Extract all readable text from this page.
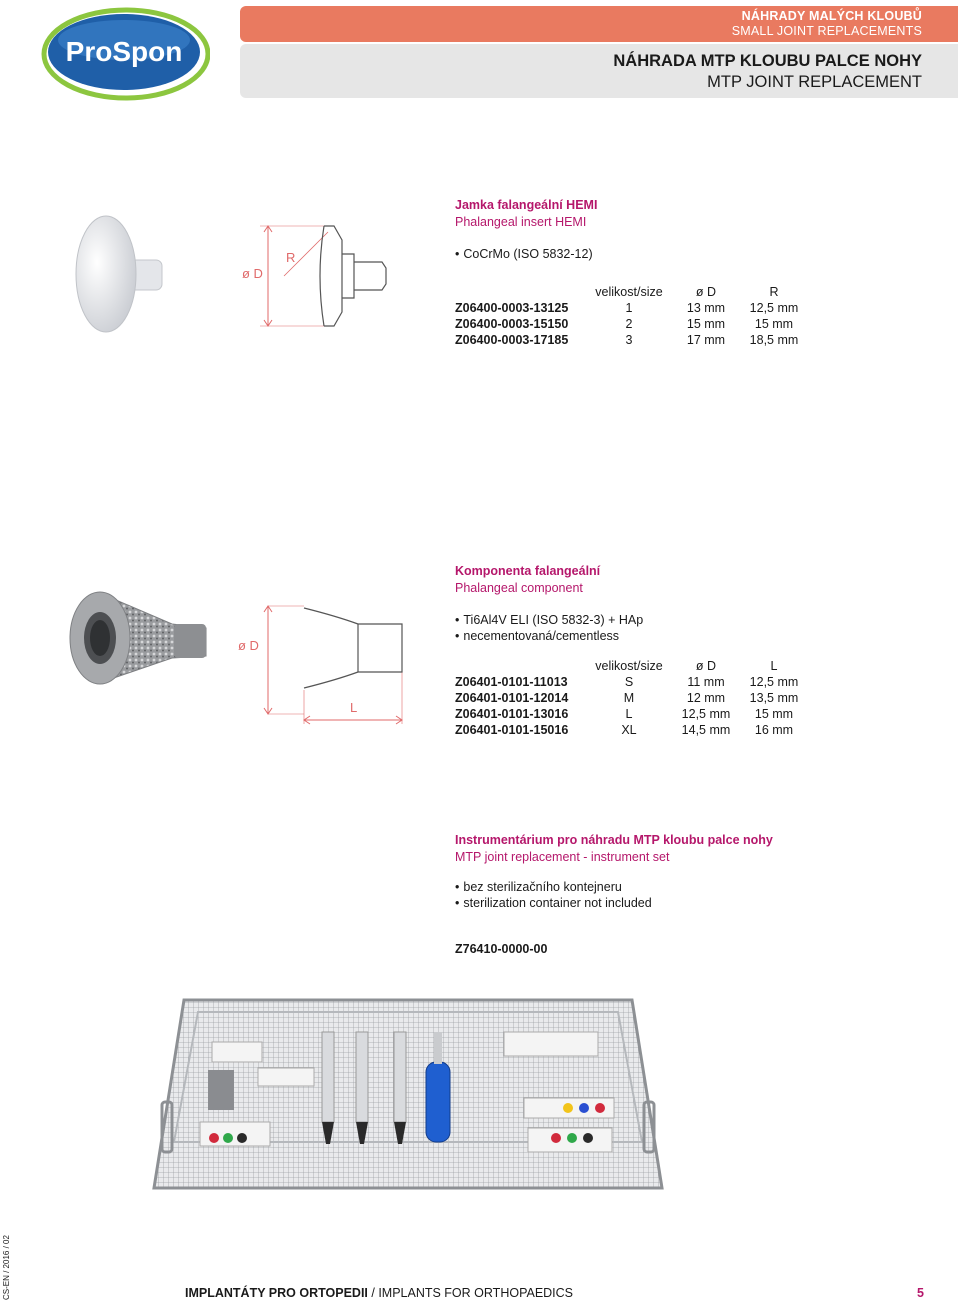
ProSpon
NÁHRADY MALÝCH KLOUBŮ
SMALL JOINT REPLACEMENTS
NÁHRADA MTP KLOUBU PALCE NOHY
MTP JOINT REPLACEMENT
ø D
R
Jamka falangeální HEMI
Phalangeal insert HEMI
• CoCrMo (ISO 5832-12)
	velikost/size	ø D	R
Z06400-0003-13125	1	13 mm	12,5 mm
Z06400-0003-15150	2	15 mm	15 mm
Z06400-0003-17185	3	17 mm	18,5 mm
ø D
L
Komponenta falangeální
Phalangeal component
• Ti6Al4V ELI (ISO 5832-3) + HAp
• necementovaná/cementless
	velikost/size	ø D	L
Z06401-0101-11013	S	11 mm	12,5 mm
Z06401-0101-12014	M	12 mm	13,5 mm
Z06401-0101-13016	L	12,5 mm	15 mm
Z06401-0101-15016	XL	14,5 mm	16 mm
Instrumentárium pro náhradu MTP kloubu palce nohy
MTP joint replacement - instrument set
• bez sterilizačního kontejneru
• sterilization container not included
Z76410-0000-00
CS-EN / 2016 / 02	IMPLANTÁTY PRO ORTOPEDII / IMPLANTS FOR ORTHOPAEDICS	5
